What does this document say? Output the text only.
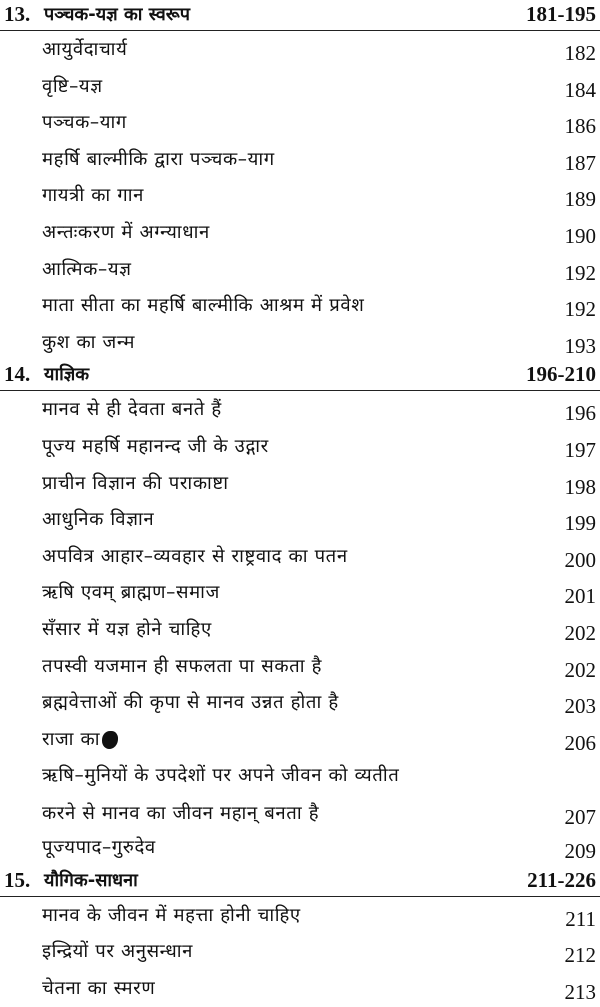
13. पञ्चक-यज्ञ का स्वरूप	181-195
आयुर्वेदाचार्य	182
वृष्टि–यज्ञ	184
पञ्चक–याग	186
महर्षि बाल्मीकि द्वारा पञ्चक–याग	187
गायत्री का गान	189
अन्तःकरण में अग्न्याधान	190
आत्मिक–यज्ञ	192
माता सीता का महर्षि बाल्मीकि आश्रम में प्रवेश	192
कुश का जन्म	193
14. याज्ञिक	196-210
मानव से ही देवता बनते हैं	196
पूज्य महर्षि महानन्द जी के उद्गार	197
प्राचीन विज्ञान की पराकाष्टा	198
आधुनिक विज्ञान	199
अपवित्र आहार–व्यवहार से राष्ट्रवाद का पतन	200
ऋषि एवम् ब्राह्मण–समाज	201
सँसार में यज्ञ होने चाहिए	202
तपस्वी यजमान ही सफलता पा सकता है	202
ब्रह्मवेत्ताओं की कृपा से मानव उन्नत होता है	203
राजा का	206
ऋषि–मुनियों के उपदेशों पर अपने जीवन को व्यतीत
करने से मानव का जीवन महान् बनता है	207
पूज्यपाद–गुरुदेव	209
15. यौगिक-साधना	211-226
मानव के जीवन में महत्ता होनी चाहिए	211
इन्द्रियों पर अनुसन्धान	212
चेतना का स्मरण	213
